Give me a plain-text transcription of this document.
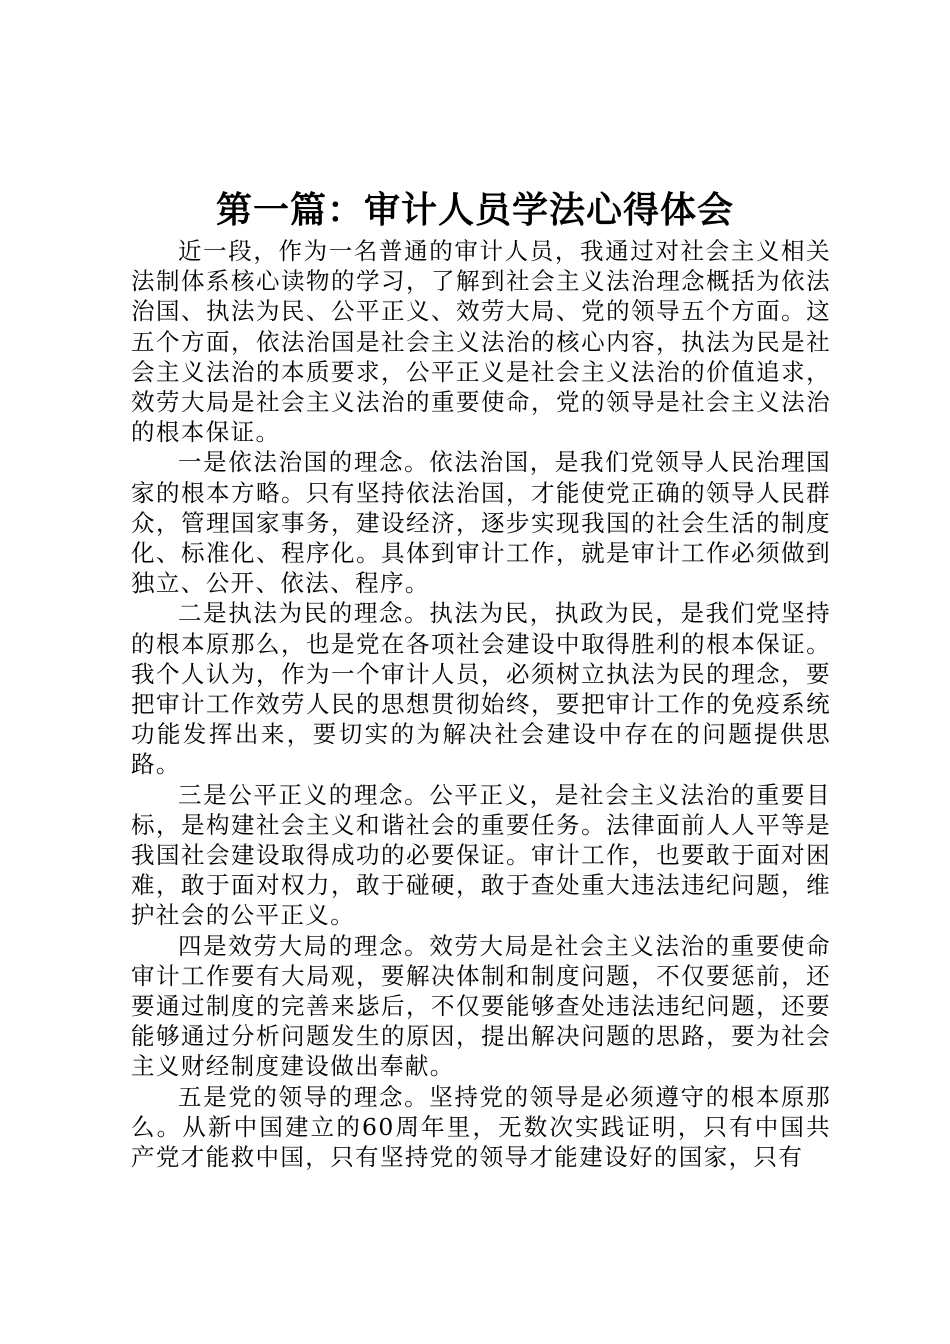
第一篇：审计人员学法心得体会

近一段，作为一名普通的审计人员，我通过对社会主义相关法制体系核心读物的学习，了解到社会主义法治理念概括为依法治国、执法为民、公平正义、效劳大局、党的领导五个方面。这五个方面，依法治国是社会主义法治的核心内容，执法为民是社会主义法治的本质要求，公平正义是社会主义法治的价值追求，效劳大局是社会主义法治的重要使命，党的领导是社会主义法治的根本保证。

一是依法治国的理念。依法治国，是我们党领导人民治理国家的根本方略。只有坚持依法治国，才能使党正确的领导人民群众，管理国家事务，建设经济，逐步实现我国的社会生活的制度化、标准化、程序化。具体到审计工作，就是审计工作必须做到独立、公开、依法、程序。

二是执法为民的理念。执法为民，执政为民，是我们党坚持的根本原那么，也是党在各项社会建设中取得胜利的根本保证。我个人认为，作为一个审计人员，必须树立执法为民的理念，要把审计工作效劳人民的思想贯彻始终，要把审计工作的免疫系统功能发挥出来，要切实的为解决社会建设中存在的问题提供思路。

三是公平正义的理念。公平正义，是社会主义法治的重要目标，是构建社会主义和谐社会的重要任务。法律面前人人平等是我国社会建设取得成功的必要保证。审计工作，也要敢于面对困难，敢于面对权力，敢于碰硬，敢于查处重大违法违纪问题，维护社会的公平正义。

四是效劳大局的理念。效劳大局是社会主义法治的重要使命审计工作要有大局观，要解决体制和制度问题，不仅要惩前，还要通过制度的完善来毖后，不仅要能够查处违法违纪问题，还要能够通过分析问题发生的原因，提出解决问题的思路，要为社会主义财经制度建设做出奉献。

五是党的领导的理念。坚持党的领导是必须遵守的根本原那么。从新中国建立的60周年里，无数次实践证明，只有中国共产党才能救中国，只有坚持党的领导才能建设好的国家，只有
